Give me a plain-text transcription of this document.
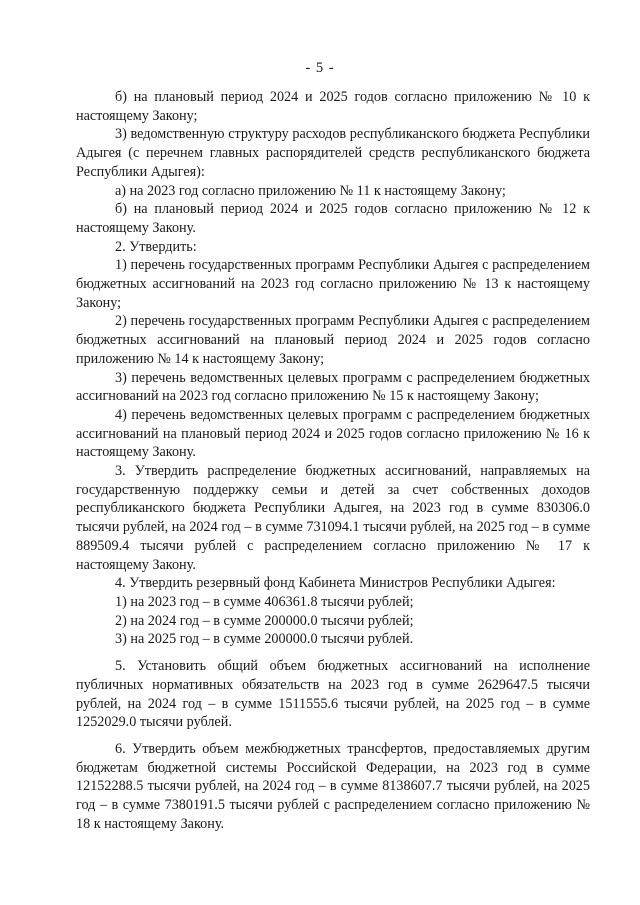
- 5 -

б) на плановый период 2024 и 2025 годов согласно приложению № 10 к настоящему Закону;

3) ведомственную структуру расходов республиканского бюджета Республики Адыгея (с перечнем главных распорядителей средств республиканского бюджета Республики Адыгея):

а) на 2023 год согласно приложению № 11 к настоящему Закону;

б) на плановый период 2024 и 2025 годов согласно приложению № 12 к настоящему Закону.

2. Утвердить:

1) перечень государственных программ Республики Адыгея с распределением бюджетных ассигнований на 2023 год согласно приложению № 13 к настоящему Закону;

2) перечень государственных программ Республики Адыгея с распределением бюджетных ассигнований на плановый период 2024 и 2025 годов согласно приложению № 14 к настоящему Закону;

3) перечень ведомственных целевых программ с распределением бюджетных ассигнований на 2023 год согласно приложению № 15 к настоящему Закону;

4) перечень ведомственных целевых программ с распределением бюджетных ассигнований на плановый период 2024 и 2025 годов согласно приложению № 16 к настоящему Закону.

3. Утвердить распределение бюджетных ассигнований, направляемых на государственную поддержку семьи и детей за счет собственных доходов республиканского бюджета Республики Адыгея, на 2023 год в сумме 830306.0 тысячи рублей, на 2024 год – в сумме 731094.1 тысячи рублей, на 2025 год – в сумме 889509.4 тысячи рублей с распределением согласно приложению № 17 к настоящему Закону.

4. Утвердить резервный фонд Кабинета Министров Республики Адыгея:

1) на 2023 год – в сумме 406361.8 тысячи рублей;

2) на 2024 год – в сумме 200000.0 тысячи рублей;

3) на 2025 год – в сумме 200000.0 тысячи рублей.

5. Установить общий объем бюджетных ассигнований на исполнение публичных нормативных обязательств на 2023 год в сумме 2629647.5 тысячи рублей, на 2024 год – в сумме 1511555.6 тысячи рублей, на 2025 год – в сумме 1252029.0 тысячи рублей.

6. Утвердить объем межбюджетных трансфертов, предоставляемых другим бюджетам бюджетной системы Российской Федерации, на 2023 год в сумме 12152288.5 тысячи рублей, на 2024 год – в сумме 8138607.7 тысячи рублей, на 2025 год – в сумме 7380191.5 тысячи рублей с распределением согласно приложению № 18 к настоящему Закону.
